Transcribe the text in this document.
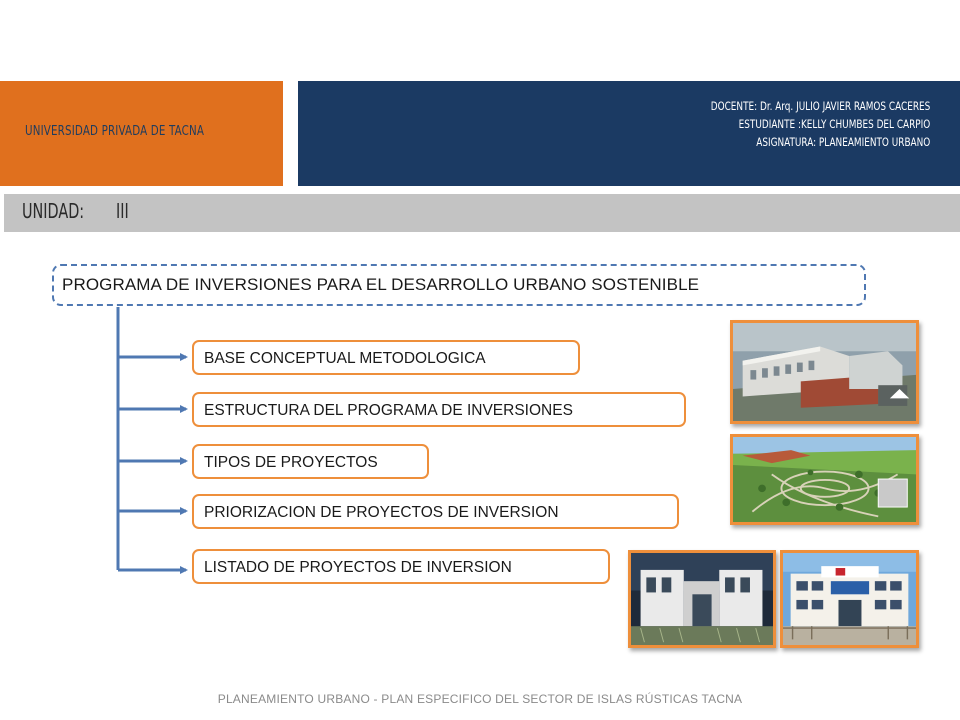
UNIVERSIDAD PRIVADA DE TACNA
DOCENTE: Dr. Arq. JULIO JAVIER RAMOS CACERES
ESTUDIANTE :KELLY CHUMBES DEL CARPIO
ASIGNATURA: PLANEAMIENTO URBANO
UNIDAD: III
PROGRAMA DE INVERSIONES PARA EL DESARROLLO URBANO SOSTENIBLE
BASE CONCEPTUAL METODOLOGICA
ESTRUCTURA DEL PROGRAMA DE INVERSIONES
TIPOS DE PROYECTOS
PRIORIZACION DE PROYECTOS DE INVERSION
LISTADO DE PROYECTOS DE INVERSION
PLANEAMIENTO URBANO - PLAN ESPECIFICO DEL SECTOR DE ISLAS RÚSTICAS TACNA
